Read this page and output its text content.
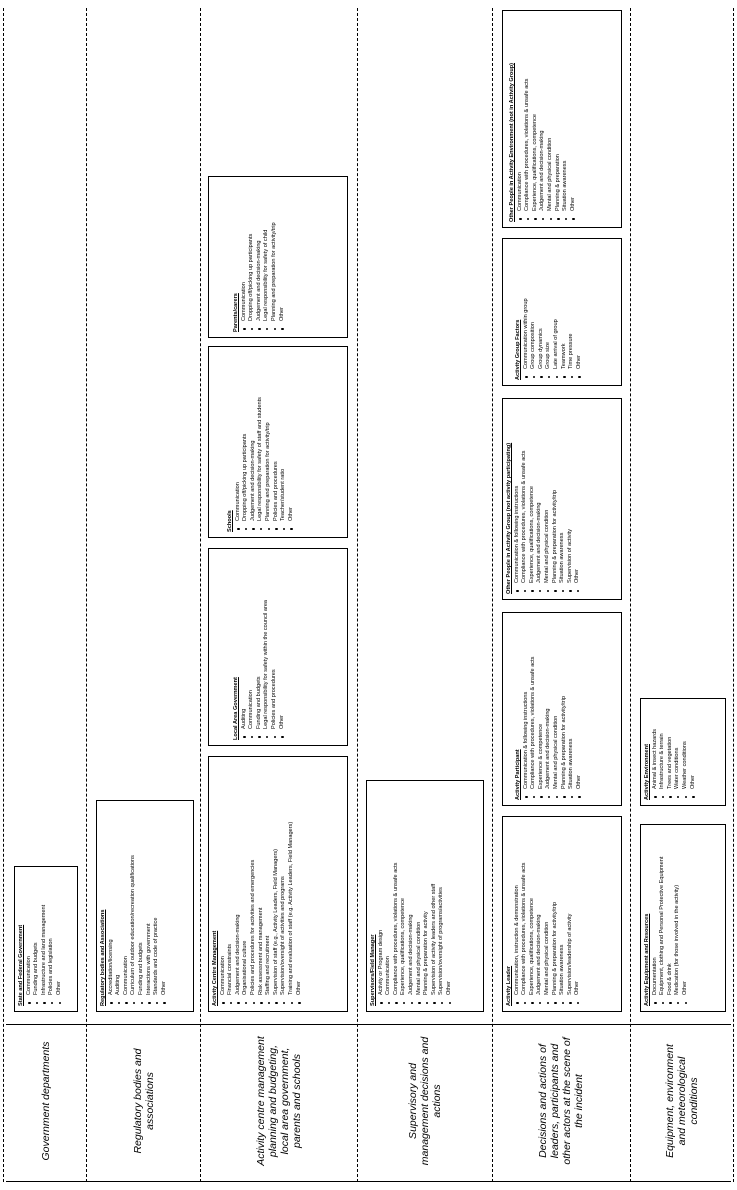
Government departments
State and Federal Government Communication Funding and budgets Infrastructure and land management Policies and legislation Other
Regulatory bodies and associations
Regulatory bodies and Associations Accreditation/licensing Auditing Communication Curriculum of outdoor education/recreation qualifications Funding and budgets Interactions with government Standards and code of practice Other
Activity centre management planning and budgeting, local area government, parents and schools
Activity Centre Management Communication Financial constraints Judgement and decision-making Organisational culture Policies and procedures for activities and emergencies Risk assessment and management Staffing and recruitment Supervision of staff (e.g., Activity Leaders, Field Managers) Supervision/oversight of activities and programs Training and evaluation of staff (e.g. Activity Leaders, Field Managers) Other
Local Area Government Auditing Communication Funding and budgets Legal responsibility for safety within the council area Policies and procedures Other
Schools
Communication Dropping off/picking up participants Judgement and decision-making Legal responsibility for safety of staff and students Planning and preparation for activity/trip Policies and procedures Teacher/student ratio Other
Parents/carers Communication Dropping off/picking up participants Judgement and decision-making Legal responsibility for safety of child Planning and preparation for activity/trip Other
Supervisory and management decisions and actions
Supervisors/Field Manager Activity or Program design Communication Compliance with procedures, violations & unsafe acts Experience, qualifications, competence Judgement and decision-making Mental and physical condition Planning & preparation for activity Supervision of activity leaders and other staff Supervision/oversight of programs/activities Other
Decisions and actions of leaders, participants and other actors at the scene of the incident
Activity Leader Communication, instruction & demonstration Compliance with procedures, violations & unsafe acts Experience, qualifications, competence Judgement and decision-making Mental and physical condition Planning & preparation for activity/trip Situation awareness Supervision/leadership of activity Other
Activity Participant Communication & following instructions Compliance with procedures, violations & unsafe acts Experience & competence Judgement and decision-making Mental and physical condition Planning & preparation for activity/trip Situation awareness Other
Other People in Activity Group (not activity participating) Communication & following instructions Compliance with procedures, violations & unsafe acts Experience, qualifications, competence Judgement and decision-making Mental and physical condition Planning & preparation for activity/trip Situation awareness Supervision of activity Other
Activity Group Factors Communication within group Group composition Group dynamics Group size Late arrival of group Teamwork Time pressure Other
Other People in Activity Environment (not in Activity Group) Communication Compliance with procedures, violations & unsafe acts Experience, qualifications, competence Judgement and decision-making Mental and physical condition Planning & preparation Situation awareness Other
Equipment, environment and meteorological conditions
Activity Equipment and Resources Documentation Equipment, clothing and Personal Protective Equipment Food & drink Medication (for those involved in the activity) Other
Activity Environment Animal & insect hazards Infrastructure & terrain Trees and vegetation Water conditions Weather conditions Other
